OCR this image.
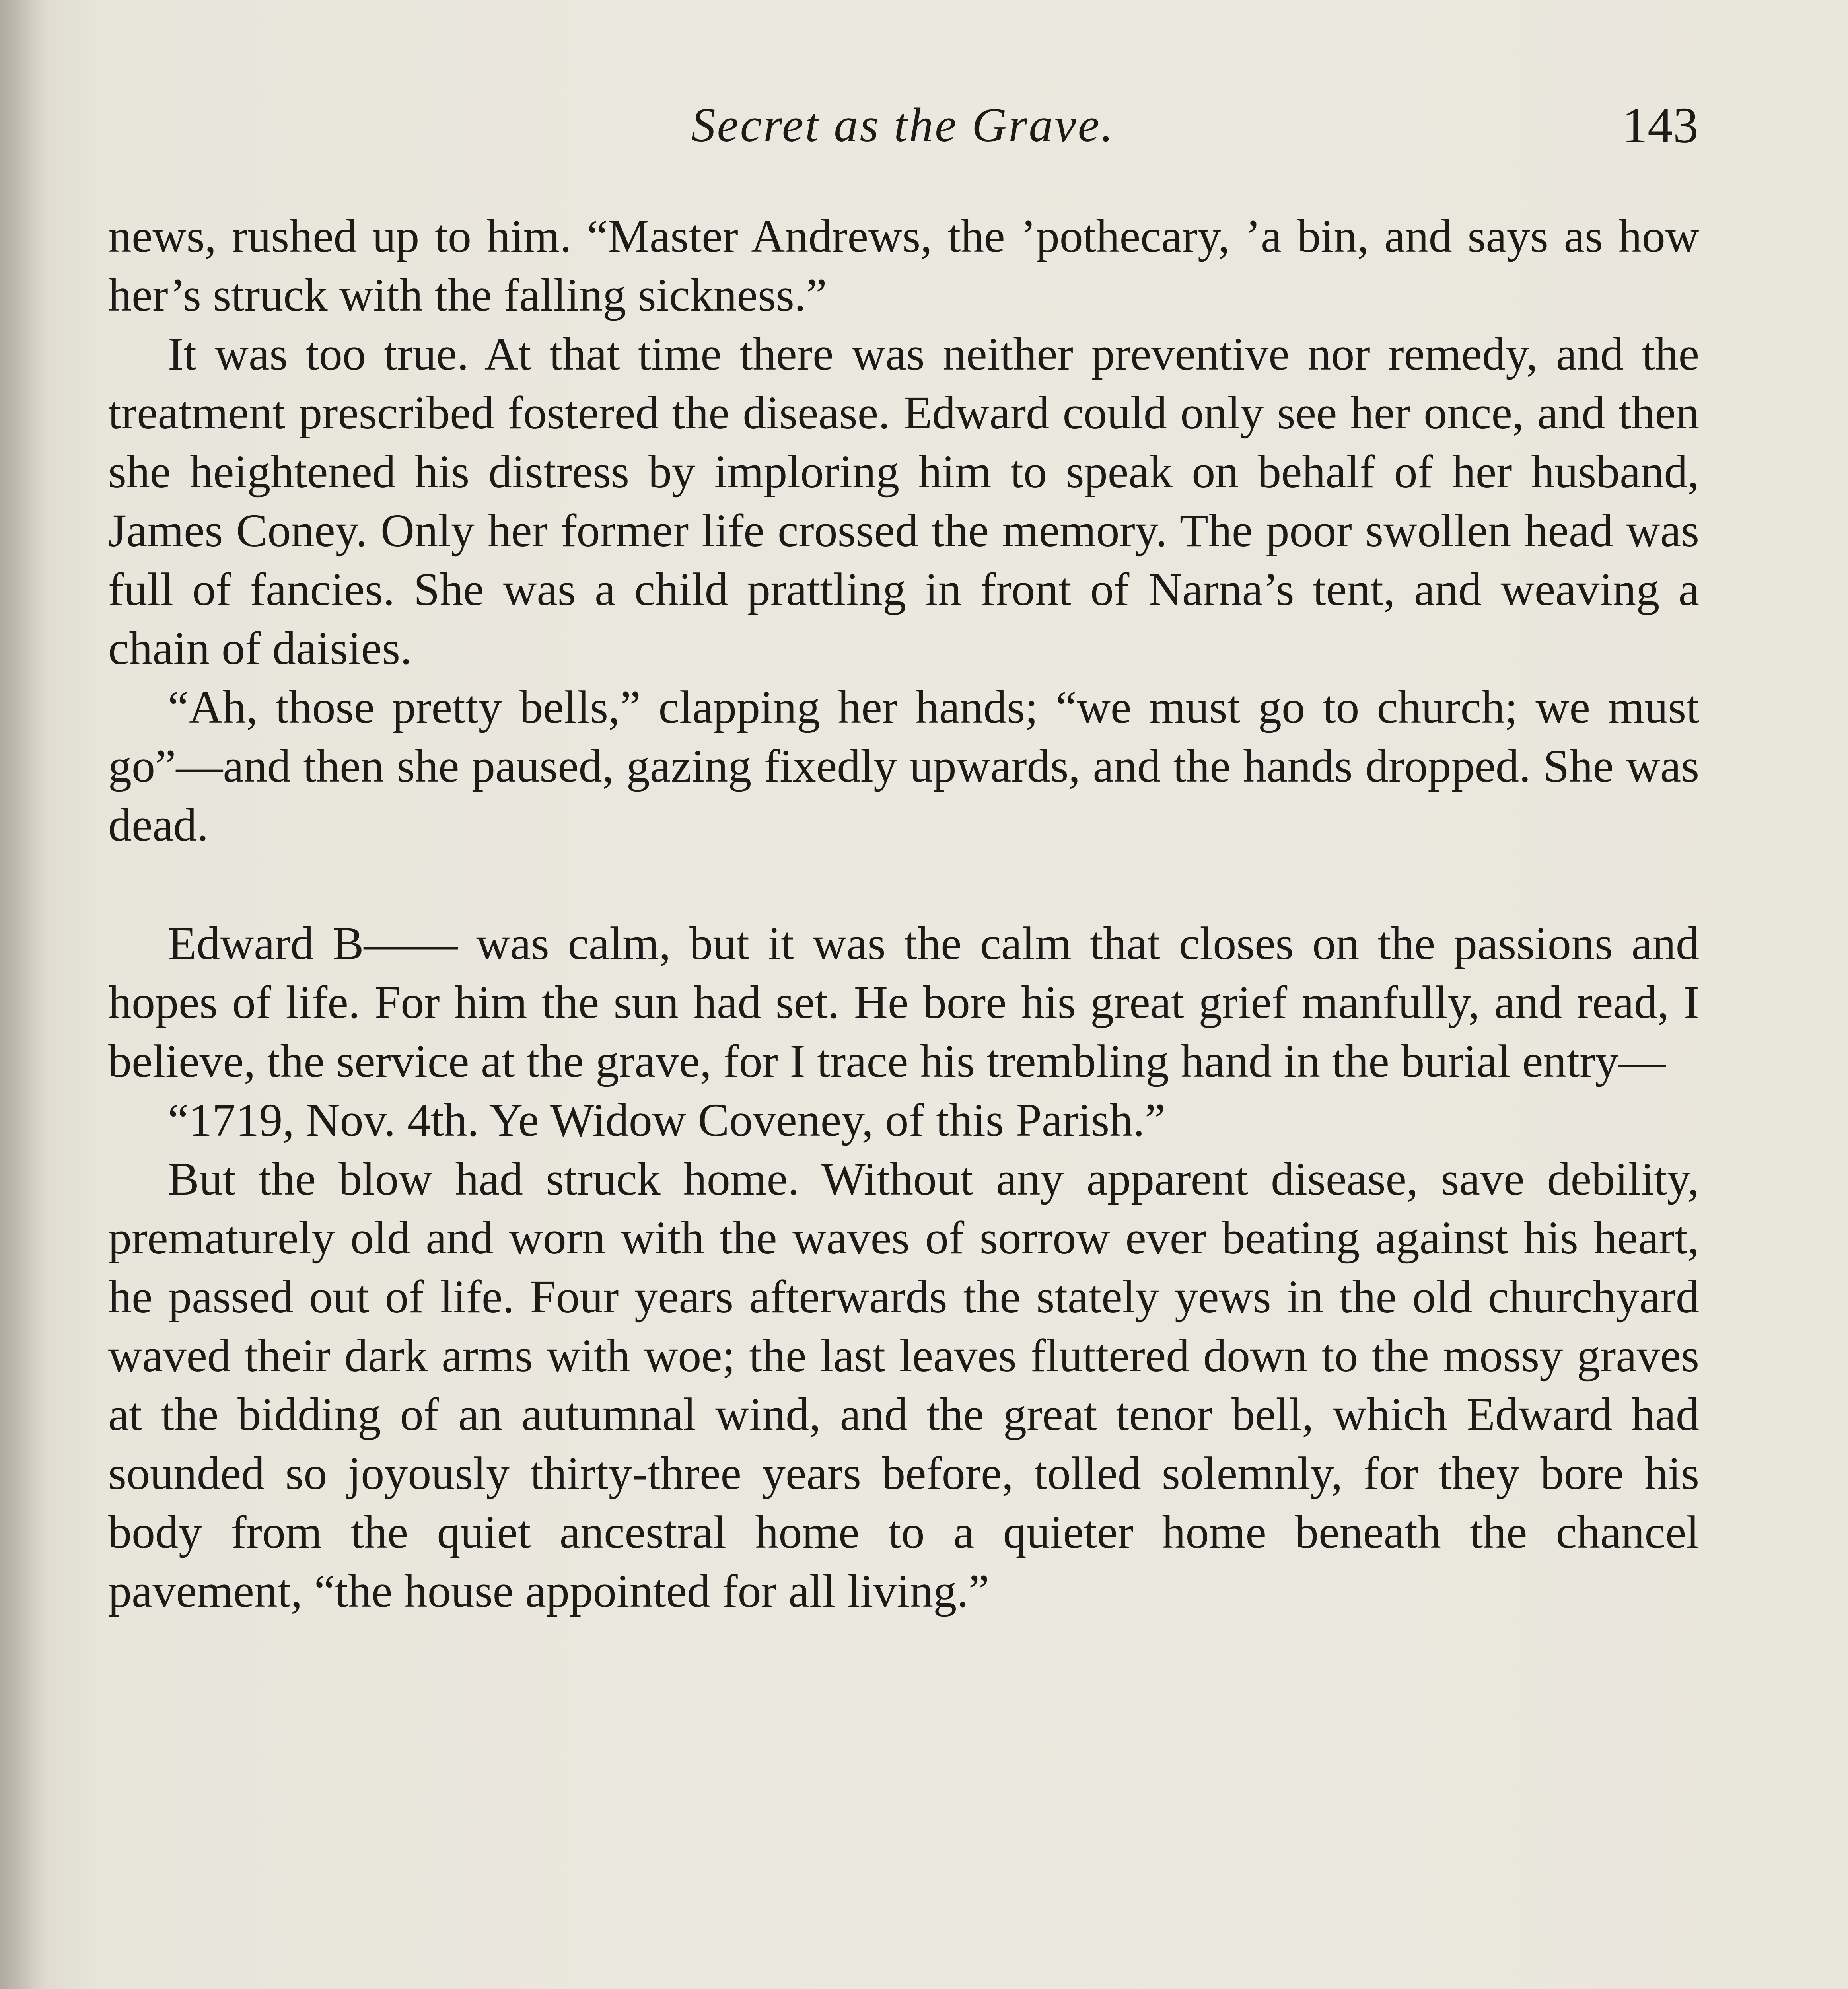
Secret as the Grave.	143

news, rushed up to him. “Master Andrews, the ’pothecary, ’a bin, and says as how her’s struck with the falling sickness.”

It was too true. At that time there was neither preventive nor remedy, and the treatment prescribed fostered the disease. Edward could only see her once, and then she heightened his distress by imploring him to speak on behalf of her husband, James Coney. Only her former life crossed the memory. The poor swollen head was full of fancies. She was a child prattling in front of Narna’s tent, and weaving a chain of daisies.

“Ah, those pretty bells,” clapping her hands; “we must go to church; we must go”—and then she paused, gazing fixedly upwards, and the hands dropped. She was dead.

Edward B—— was calm, but it was the calm that closes on the passions and hopes of life. For him the sun had set. He bore his great grief manfully, and read, I believe, the service at the grave, for I trace his trembling hand in the burial entry—

“1719, Nov. 4th. Ye Widow Coveney, of this Parish.”

But the blow had struck home. Without any apparent disease, save debility, prematurely old and worn with the waves of sorrow ever beating against his heart, he passed out of life. Four years afterwards the stately yews in the old churchyard waved their dark arms with woe; the last leaves fluttered down to the mossy graves at the bidding of an autumnal wind, and the great tenor bell, which Edward had sounded so joyously thirty-three years before, tolled solemnly, for they bore his body from the quiet ancestral home to a quieter home beneath the chancel pavement, “the house appointed for all living.”
